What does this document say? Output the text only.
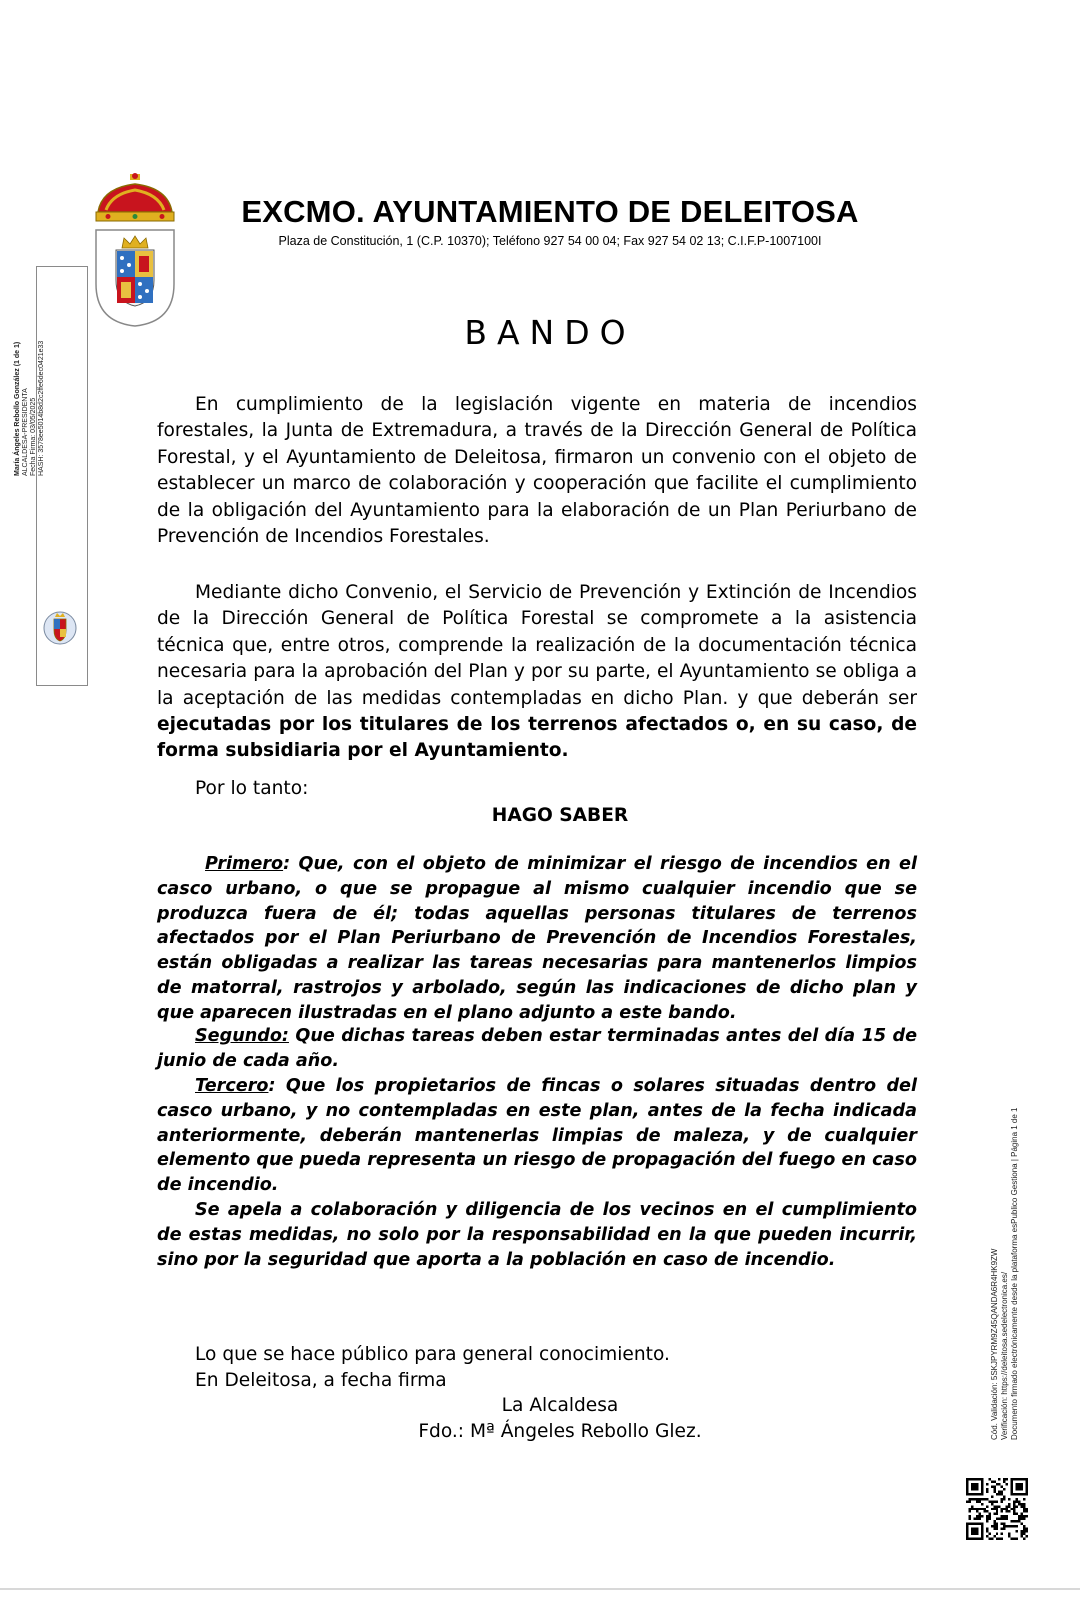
EXCMO. AYUNTAMIENTO DE DELEITOSA
Plaza de Constitución, 1 (C.P. 10370); Teléfono 927 54 00 04; Fax 927 54 02 13; C.I.F.P-1007100I
BANDO
María Ángeles Rebollo González (1 de 1) ALCALDESA-PRESIDENTA Fecha Firma: 03/05/2025 HASH: 3578ee5014b8d2c2ffe6dec0421e33	En cumplimiento de la legislación vigente en materia de incendios forestales, la Junta de Extremadura, a través de la Dirección General de Política Forestal, y el Ayuntamiento de Deleitosa, firmaron un convenio con el objeto de establecer un marco de colaboración y cooperación que facilite el cumplimiento de la obligación del Ayuntamiento para la elaboración de un Plan Periurbano de Prevención de Incendios Forestales.

Mediante dicho Convenio, el Servicio de Prevención y Extinción de Incendios de la Dirección General de Política Forestal se compromete a la asistencia técnica que, entre otros, comprende la realización de la documentación técnica necesaria para la aprobación del Plan y por su parte, el Ayuntamiento se obliga a la aceptación de las medidas contempladas en dicho Plan. y que deberán ser ejecutadas por los titulares de los terrenos afectados o, en su caso, de forma subsidiaria por el Ayuntamiento.

Por lo tanto:

HAGO SABER

Primero: Que, con el objeto de minimizar el riesgo de incendios en el casco urbano, o que se propague al mismo cualquier incendio que se produzca fuera de él; todas aquellas personas titulares de terrenos afectados por el Plan Periurbano de Prevención de Incendios Forestales, están obligadas a realizar las tareas necesarias para mantenerlos limpios de matorral, rastrojos y arbolado, según las indicaciones de dicho plan y que aparecen ilustradas en el plano adjunto a este bando.

Segundo: Que dichas tareas deben estar terminadas antes del día 15 de junio de cada año.

Tercero: Que los propietarios de fincas o solares situadas dentro del casco urbano, y no contempladas en este plan, antes de la fecha indicada anteriormente, deberán mantenerlas limpias de maleza, y de cualquier elemento que pueda representa un riesgo de propagación del fuego en caso de incendio.

Se apela a colaboración y diligencia de los vecinos en el cumplimiento de estas medidas, no solo por la responsabilidad en la que pueden incurrir, sino por la seguridad que aporta a la población en caso de incendio.

Lo que se hace público para general conocimiento.

En Deleitosa, a fecha firma

La Alcaldesa

Fdo.: Mª Ángeles Rebollo Glez.	Cód. Validación: 5SKJPYRM9Z45QANDA6R4HK9ZW Verificación: https://deleitosa.sedelectronica.es/ Documento firmado electrónicamente desde la plataforma esPublico Gestiona | Página 1 de 1
